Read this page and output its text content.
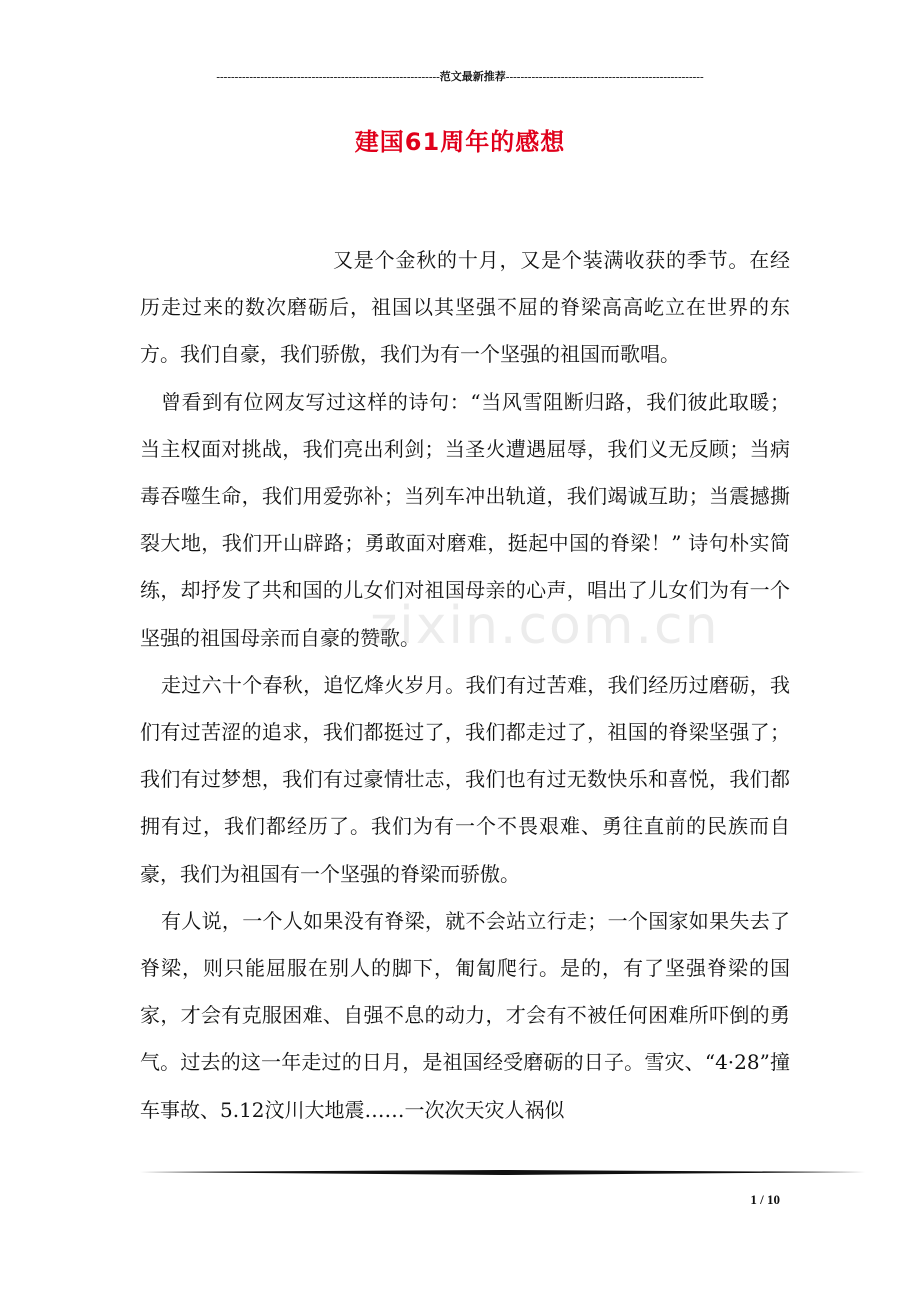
-------------------------------------------------------------范文最新推荐------------------------------------------------------
建国61周年的感想

又是个金秋的十月，又是个装满收获的季节。在经历走过来的数次磨砺后，祖国以其坚强不屈的脊梁高高屹立在世界的东方。我们自豪，我们骄傲，我们为有一个坚强的祖国而歌唱。

曾看到有位网友写过这样的诗句：“当风雪阻断归路，我们彼此取暖；当主权面对挑战，我们亮出利剑；当圣火遭遇屈辱，我们义无反顾；当病毒吞噬生命，我们用爱弥补；当列车冲出轨道，我们竭诚互助；当震撼撕裂大地，我们开山辟路；勇敢面对磨难，挺起中国的脊梁！” 诗句朴实简练，却抒发了共和国的儿女们对祖国母亲的心声，唱出了儿女们为有一个坚强的祖国母亲而自豪的赞歌。

走过六十个春秋，追忆烽火岁月。我们有过苦难，我们经历过磨砺，我们有过苦涩的追求，我们都挺过了，我们都走过了，祖国的脊梁坚强了；我们有过梦想，我们有过豪情壮志，我们也有过无数快乐和喜悦，我们都拥有过，我们都经历了。我们为有一个不畏艰难、勇往直前的民族而自豪，我们为祖国有一个坚强的脊梁而骄傲。

有人说，一个人如果没有脊梁，就不会站立行走；一个国家如果失去了脊梁，则只能屈服在别人的脚下，匍匐爬行。是的，有了坚强脊梁的国家，才会有克服困难、自强不息的动力，才会有不被任何困难所吓倒的勇气。过去的这一年走过的日月，是祖国经受磨砺的日子。雪灾、“4·28”撞车事故、5.12汶川大地震……一次次天灾人祸似

zixin.com.cn
1 / 10
